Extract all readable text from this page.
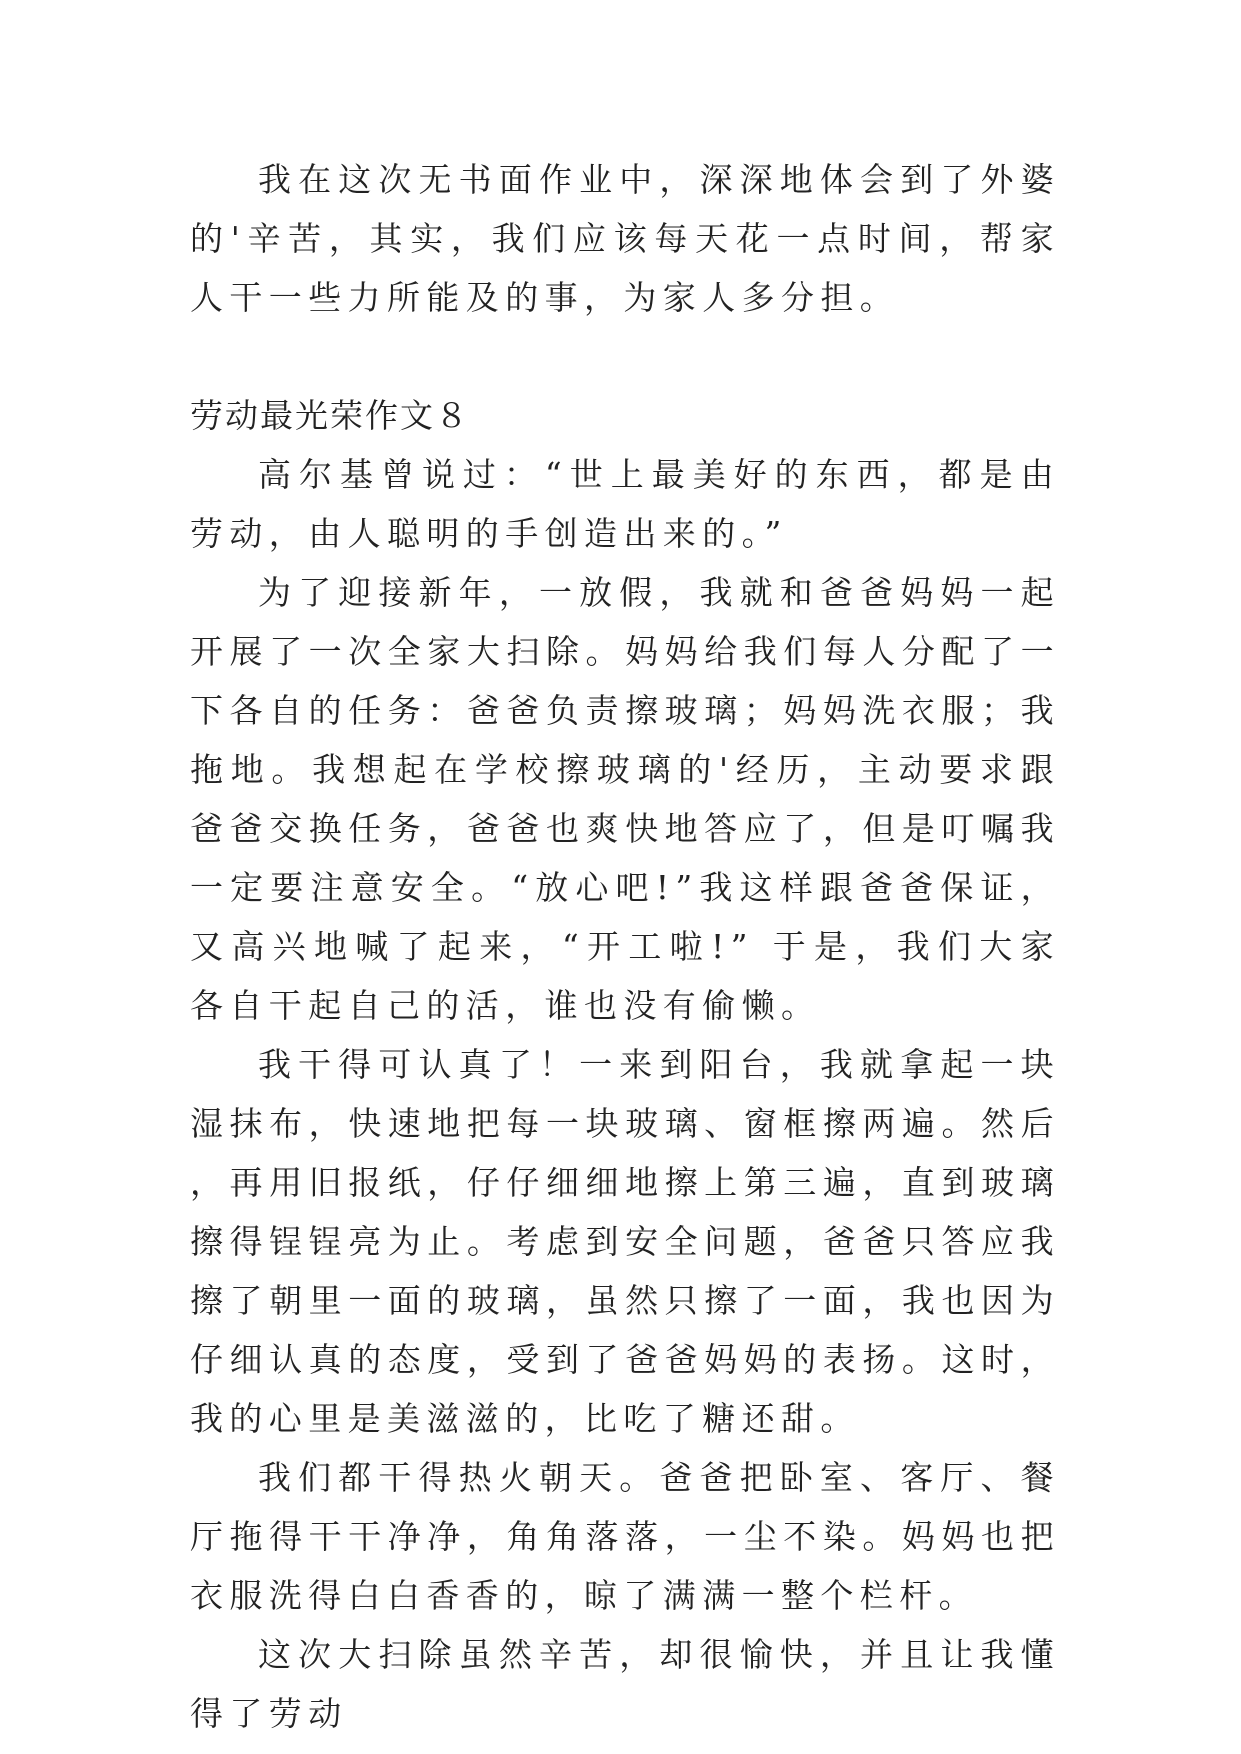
我在这次无书面作业中，深深地体会到了外婆的'辛苦，其实，我们应该每天花一点时间，帮家人干一些力所能及的事，为家人多分担。

劳动最光荣作文８

高尔基曾说过：“世上最美好的东西，都是由劳动，由人聪明的手创造出来的。”

为了迎接新年，一放假，我就和爸爸妈妈一起开展了一次全家大扫除。妈妈给我们每人分配了一下各自的任务：爸爸负责擦玻璃；妈妈洗衣服；我拖地。我想起在学校擦玻璃的'经历，主动要求跟爸爸交换任务，爸爸也爽快地答应了，但是叮嘱我一定要注意安全。“放心吧!”我这样跟爸爸保证，又高兴地喊了起来，“开工啦!” 于是，我们大家各自干起自己的活，谁也没有偷懒。

我干得可认真了！一来到阳台，我就拿起一块湿抹布，快速地把每一块玻璃、窗框擦两遍。然后，再用旧报纸，仔仔细细地擦上第三遍，直到玻璃擦得锃锃亮为止。考虑到安全问题，爸爸只答应我擦了朝里一面的玻璃，虽然只擦了一面，我也因为仔细认真的态度，受到了爸爸妈妈的表扬。这时，我的心里是美滋滋的，比吃了糖还甜。

我们都干得热火朝天。爸爸把卧室、客厅、餐厅拖得干干净净，角角落落，一尘不染。妈妈也把衣服洗得白白香香的，晾了满满一整个栏杆。

这次大扫除虽然辛苦，却很愉快，并且让我懂得了劳动
